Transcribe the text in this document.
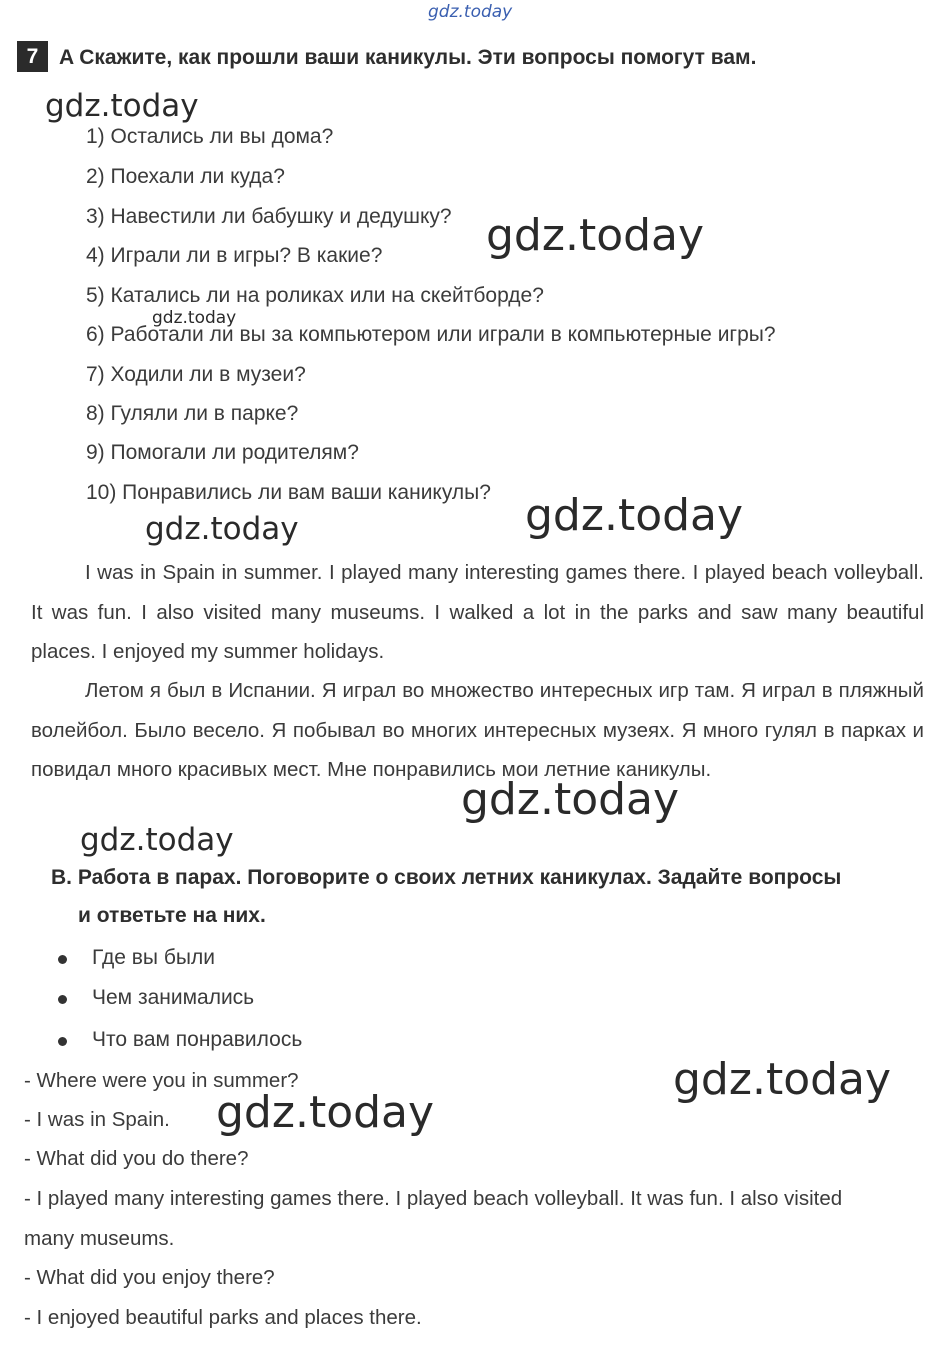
gdz.today
gdz.today
gdz.today
gdz.today
gdz.today	gdz.today
gdz.today
gdz.today
gdz.today
gdz.today
7 A Скажите, как прошли ваши каникулы. Эти вопросы помогут вам.
1) Остались ли вы дома?
2) Поехали ли куда?
3) Навестили ли бабушку и дедушку?
4) Играли ли в игры? В какие?
5) Катались ли на роликах или на скейтборде?
6) Работали ли вы за компьютером или играли в компьютерные игры?
7) Ходили ли в музеи?
8) Гуляли ли в парке?
9) Помогали ли родителям?
10) Понравились ли вам ваши каникулы?
I was in Spain in summer. I played many interesting games there. I played beach volleyball. It was fun. I also visited many museums. I walked a lot in the parks and saw many beautiful places. I enjoyed my summer holidays.
Летом я был в Испании. Я играл во множество интересных игр там. Я играл в пляжный волейбол. Было весело. Я побывал во многих интересных музеях. Я много гулял в парках и повидал много красивых мест. Мне понравились мои летние каникулы.
B. Работа в парах. Поговорите о своих летних каникулах. Задайте вопросы
и ответьте на них.
Где вы были
Чем занимались
Что вам понравилось
- Where were you in summer?
- I was in Spain.
- What did you do there?
- I played many interesting games there. I played beach volleyball. It was fun. I also visited
many museums.
- What did you enjoy there?
- I enjoyed beautiful parks and places there.
